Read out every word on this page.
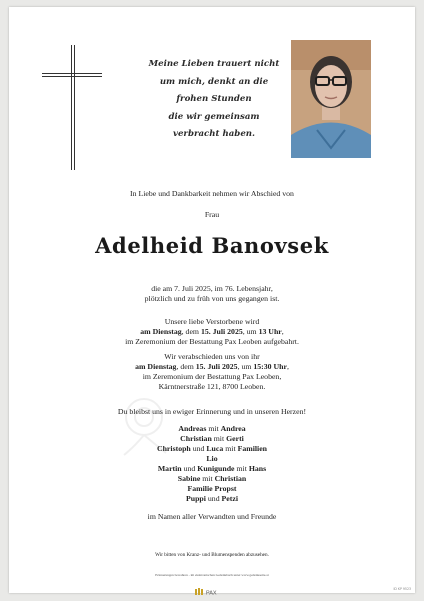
Meine Lieben trauert nicht
um mich, denkt an die
frohen Stunden
die wir gemeinsam
verbracht haben.
In Liebe und Dankbarkeit nehmen wir Abschied von
Frau
Adelheid Banovsek
die am 7. Juli 2025, im 76. Lebensjahr,
plötzlich und zu früh von uns gegangen ist.
Unsere liebe Verstorbene wird
am Dienstag, dem 15. Juli 2025, um 13 Uhr,
im Zeremonium der Bestattung Pax Leoben aufgebahrt.
Wir verabschieden uns von ihr
am Dienstag, dem 15. Juli 2025, um 15:30 Uhr,
im Zeremonium der Bestattung Pax Leoben,
Kärntnerstraße 121, 8700 Leoben.
Du bleibst uns in ewiger Erinnerung und in unseren Herzen!
Andreas mit Andrea
Christian mit Gerti
Christoph und Luca mit Familien
Lio
Martin und Kunigunde mit Hans
Sabine mit Christian
Familie Propst
Puppi und Petzi
im Namen aller Verwandten und Freunde
Wir bitten von Kranz- und Blumenspenden abzusehen.
Erinnerungen bewahren - im elektronischen Gedenkbuch unter www.gedenkseite.at
PAX
ID KP 9523
